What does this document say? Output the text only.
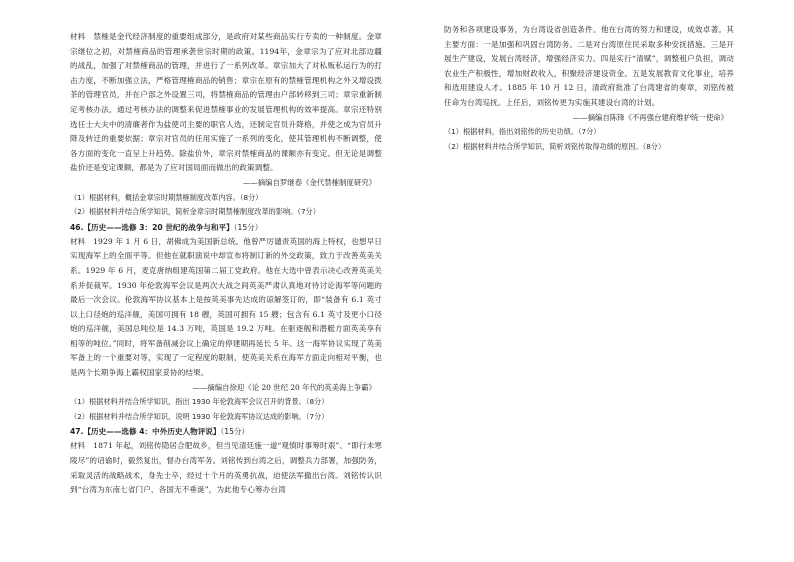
材料　禁榷是金代经济制度的重要组成部分，是政府对某些商品实行专卖的一种制度。金章宗继位之初，对禁榷商品的管理承袭世宗时期的政策。1194年，金章宗为了应对北部边疆的战乱，加强了对禁榷商品的管理，并进行了一系列改革。章宗加大了对私贩私运行为的打击力度，不断加强立法，严格管理榷商品的销售；章宗在原有的禁榷管理机构之外又增设拨茶的管理官员，并在户部之外设置三司，将禁榷商品的管理由户部转移到三司；章宗重新制定考核办法，通过考核办法的调整来促进禁榷事业的发展管理机构的效率提高。章宗还特别选任士大夫中的清廉者作为盐使司主要的职官人选，还制定官员升降格，并使之成为官员升降及转迁的重要依据；章宗对官员的任用实施了一系列的变化，使其管理机构不断调整，使各方面的变化一直呈上升趋势。除盐价外，章宗对禁榷商品的课额亦有变定。但无论是调整盐价还是变定课额，都是为了应对国局面而做出的政策调整。

——摘编自罗继春《金代禁榷制度研究》

（1）根据材料，概括金章宗时期禁榷制度改革内容。（8分）

（2）根据材料并结合所学知识，简析金章宗时期禁榷制度改革的影响。（7分）

46.【历史——选修 3：20 世纪的战争与和平】（15分）

材料　1929 年 1 月 6 日，胡佛成为美国新总统。他曾严厉谴责英国的海上特权，也想早日实现海军上的全面平等。但他在就职演说中却宣布将制订新的外交政策，致力于改善英美关系。1929 年 6 月，麦克唐纳组建英国第二届工党政府。他在大选中曾表示决心改善英美关系并促裁军。1930 年伦敦海军会议是两次大战之间英美严肃认真地对待讨论海军等问题的最后一次会议。伦敦海军协议基本上是按英美事先达成的谅解签订的，即“装备有 6.1 英寸以上口径炮的巡洋舰，美国可拥有 18 艘，英国可拥有 15 艘；包含有 6.1 英寸及更小口径炮的巡洋舰，美国总吨位是 14.3 万吨，英国是 19.2 万吨。在驱逐舰和潜艇方面英美享有相等的吨位。”同时，将军备削减会议上确定的停建期再延长 5 年。这一海军协议实现了英美军备上的一个重要对等，实现了一定程度的限制，使英美关系在海军方面走向相对平衡，也是两个长期争海上霸权国家妥协的结果。

——摘编自徐迎《论 20 世纪 20 年代的英美海上争霸》

（1）根据材料并结合所学知识，指出 1930 年伦敦海军会议召开的背景。（8分）

（2）根据材料并结合所学知识，说明 1930 年伦敦海军协议达成的影响。（7分）

47.【历史——选修 4：中外历史人物评说】（15分）

材料　1871 年起，刘铭传隐居合肥故乡，但当见清廷施一道“观慎时事筹时艰”、“即行未寒陵尽”的诏谕时，毅然复出，督办台湾军务。刘铭传到台湾之后，调整兵力部署，加强防务，采取灵活的战略战术，身先士卒，经过十个月的英勇抗战，迫使法军撤出台湾。刘铭传认识到“台湾为东南七省门户，各国无不垂涎”，为此他专心筹办台湾

防务和各项建设事务，为台湾设省创造条件。他在台湾的努力和建设，成效卓著。其主要方面：一是加强和巩固台湾防务。二是对台湾原住民采取多种安抚措施。三是开展生产建设，发展台湾经济，增强经济实力。四是实行“清赋”，调整租户负担，调动农业生产积极性，增加财政收入，积聚经济建设资金。五是发展教育文化事业，培养和选用建设人才。1885 年 10 月 12 日，清政府批准了台湾建省的奏章，刘铭传被任命为台湾巡抚。上任后，刘铭传更为实施其建设台湾的计划。

——摘编自陈锋《不再强台建府维护统一使命》

（1）根据材料，指出刘铭传的历史功绩。（7分）

（2）根据材料并结合所学知识，简析刘铭传取得功绩的原因。（8分）
